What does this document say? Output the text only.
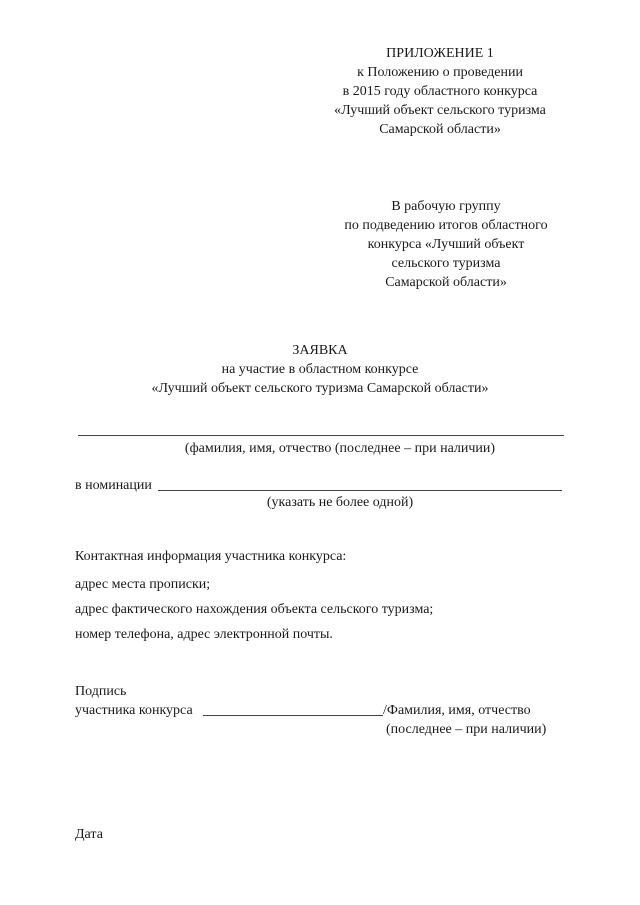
ПРИЛОЖЕНИЕ 1
к Положению о проведении
в 2015 году областного конкурса
«Лучший объект сельского туризма
Самарской области»
В рабочую группу
по подведению итогов областного
конкурса «Лучший объект
сельского туризма
Самарской области»
ЗАЯВКА
на участие в областном конкурсе
«Лучший объект сельского туризма Самарской области»
(фамилия, имя, отчество (последнее – при наличии)
в номинации
(указать не более одной)
Контактная информация участника конкурса:
адрес места прописки;
адрес фактического нахождения объекта сельского туризма;
номер телефона, адрес электронной почты.
Подпись
участника конкурса	/Фамилия, имя, отчество
(последнее – при наличии)
Дата
